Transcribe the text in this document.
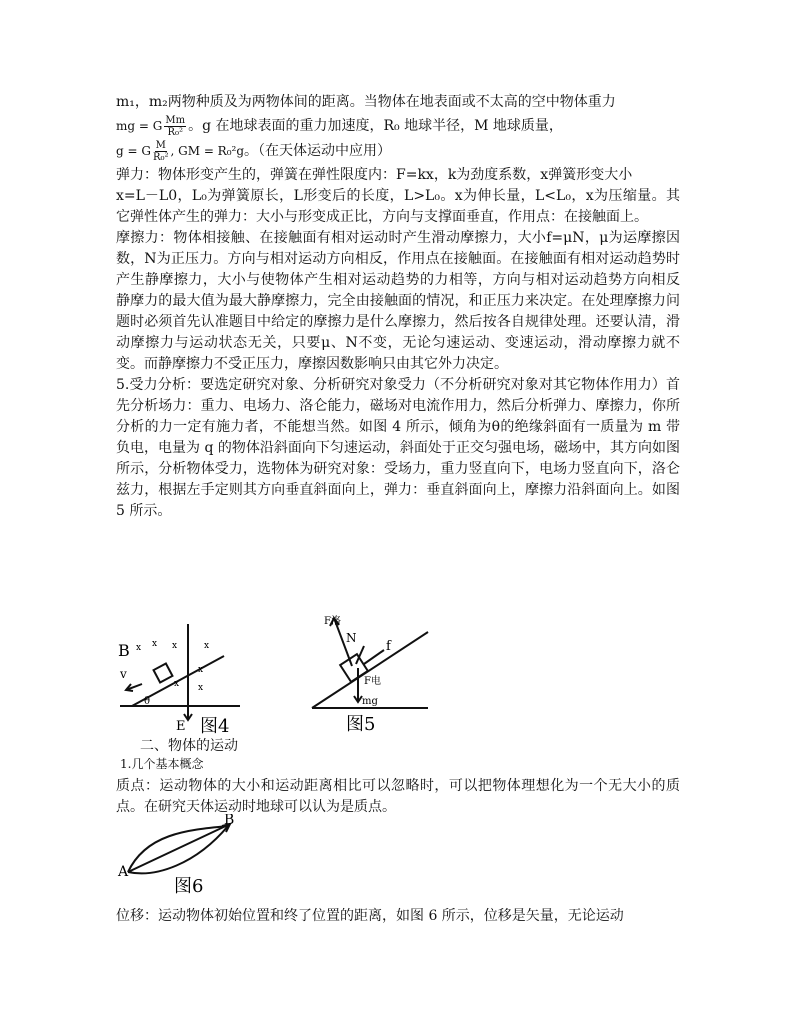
m₁，m₂两物种质及为两物体间的距离。当物体在地表面或不太高的空中物体重力

mg = G $\frac{Mm}{\text{R₀²}}$ 。g 在地球表面的重力加速度，R₀ 地球半径，M 地球质量，
g = G $\frac{M}{\text{R₀²}}$ , GM = R₀²g 。（在天体运动中应用）

弹力：物体形变产生的，弹簧在弹性限度内：F=kx，k为劲度系数，x弹簧形变大小

x=L－L0，L₀为弹簧原长，L形变后的长度，L>L₀。x为伸长量，L<L₀，x为压缩量。其它弹性体产生的弹力：大小与形变成正比，方向与支撑面垂直，作用点：在接触面上。

摩擦力：物体相接触、在接触面有相对运动时产生滑动摩擦力，大小f=μN，μ为运摩擦因数，N为正压力。方向与相对运动方向相反，作用点在接触面。在接触面有相对运动趋势时产生静摩擦力，大小与使物体产生相对运动趋势的力相等，方向与相对运动趋势方向相反 静摩力的最大值为最大静摩擦力，完全由接触面的情况，和正压力来决定。在处理摩擦力问题时必须首先认准题目中给定的摩擦力是什么摩擦力，然后按各自规律处理。还要认清，滑动摩擦力与运动状态无关，只要μ、N不变，无论匀速运动、变速运动，滑动摩擦力就不变。而静摩擦力不受正压力，摩擦因数影响只由其它外力决定。

5.受力分析：要选定研究对象、分析研究对象受力（不分析研究对象对其它物体作用力）首先分析场力：重力、电场力、洛仑能力，磁场对电流作用力，然后分析弹力、摩擦力，你所分析的力一定有施力者，不能想当然。如图 4 所示，倾角为θ的绝缘斜面有一质量为 m 带负电，电量为 q 的物体沿斜面向下匀速运动，斜面处于正交匀强电场，磁场中，其方向如图所示，分析物体受力，选物体为研究对象：受场力，重力竖直向下，电场力竖直向下，洛仑兹力，根据左手定则其方向垂直斜面向上，弹力：垂直斜面向上，摩擦力沿斜面向上。如图 5 所示。

B
v
θ
x x x	x
x
x x
E 图4
F洛
N
f
F电
mg
图5
二、物体的运动
1.几个基本概念

质点：运动物体的大小和运动距离相比可以忽略时，可以把物体理想化为一个无大小的质点。在研究天体运动时地球可以认为是质点。

A
B
图6

位移：运动物体初始位置和终了位置的距离，如图 6 所示，位移是矢量，无论运动
